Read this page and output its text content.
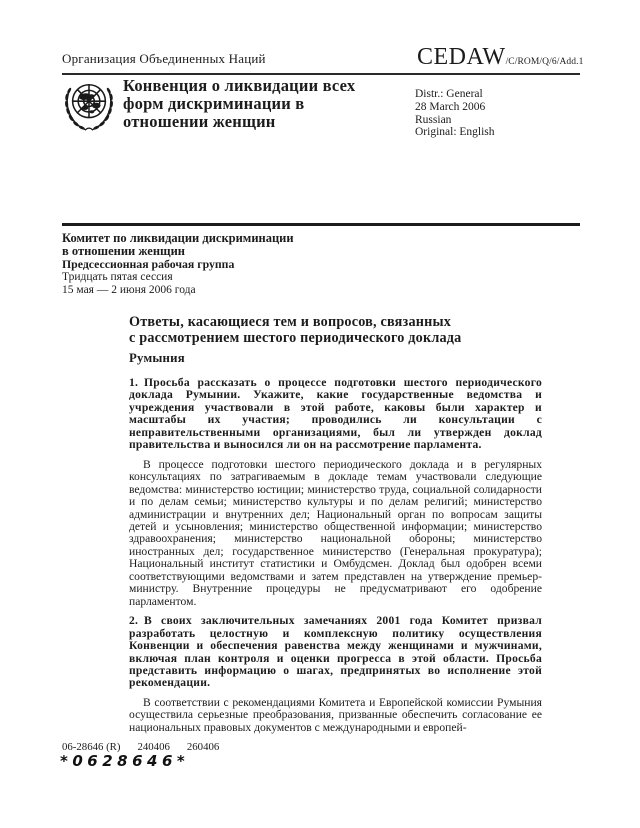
Организация Объединенных Наций	CEDAW /C/ROM/Q/6/Add.1
Конвенция о ликвидации всех
форм дискриминации в
отношении женщин
Distr.: General
28 March 2006
Russian
Original: English
Комитет по ликвидации дискриминации
в отношении женщин
Предсессионная рабочая группа
Тридцать пятая сессия
15 мая — 2 июня 2006 года
Ответы, касающиеся тем и вопросов, связанных
с рассмотрением шестого периодического доклада
Румыния

1. Просьба рассказать о процессе подготовки шестого периодического доклада Румынии. Укажите, какие государственные ведомства и учреждения участвовали в этой работе, каковы были характер и масштабы их участия; проводились ли консультации с неправительственными организациями, был ли утвержден доклад правительства и выносился ли он на рассмотрение парламента.

В процессе подготовки шестого периодического доклада и в регулярных консультациях по затрагиваемым в докладе темам участвовали следующие ведомства: министерство юстиции; министерство труда, социальной солидарности и по делам семьи; министерство культуры и по делам религий; министерство администрации и внутренних дел; Национальный орган по вопросам защиты детей и усыновления; министерство общественной информации; министерство здравоохранения; министерство национальной обороны; министерство иностранных дел; государственное министерство (Генеральная прокуратура); Национальный институт статистики и Омбудсмен. Доклад был одобрен всеми соответствующими ведомствами и затем представлен на утверждение премьер-министру. Внутренние процедуры не предусматривают его одобрение парламентом.

2. В своих заключительных замечаниях 2001 года Комитет призвал разработать целостную и комплексную политику осуществления Конвенции и обеспечения равенства между женщинами и мужчинами, включая план контроля и оценки прогресса в этой области. Просьба представить информацию о шагах, предпринятых во исполнение этой рекомендации.

В соответствии с рекомендациями Комитета и Европейской комиссии Румыния осуществила серьезные преобразования, призванные обеспечить согласование ее национальных правовых документов с международными и европей-

06-28646 (R) 240406 260406
*0628646*
